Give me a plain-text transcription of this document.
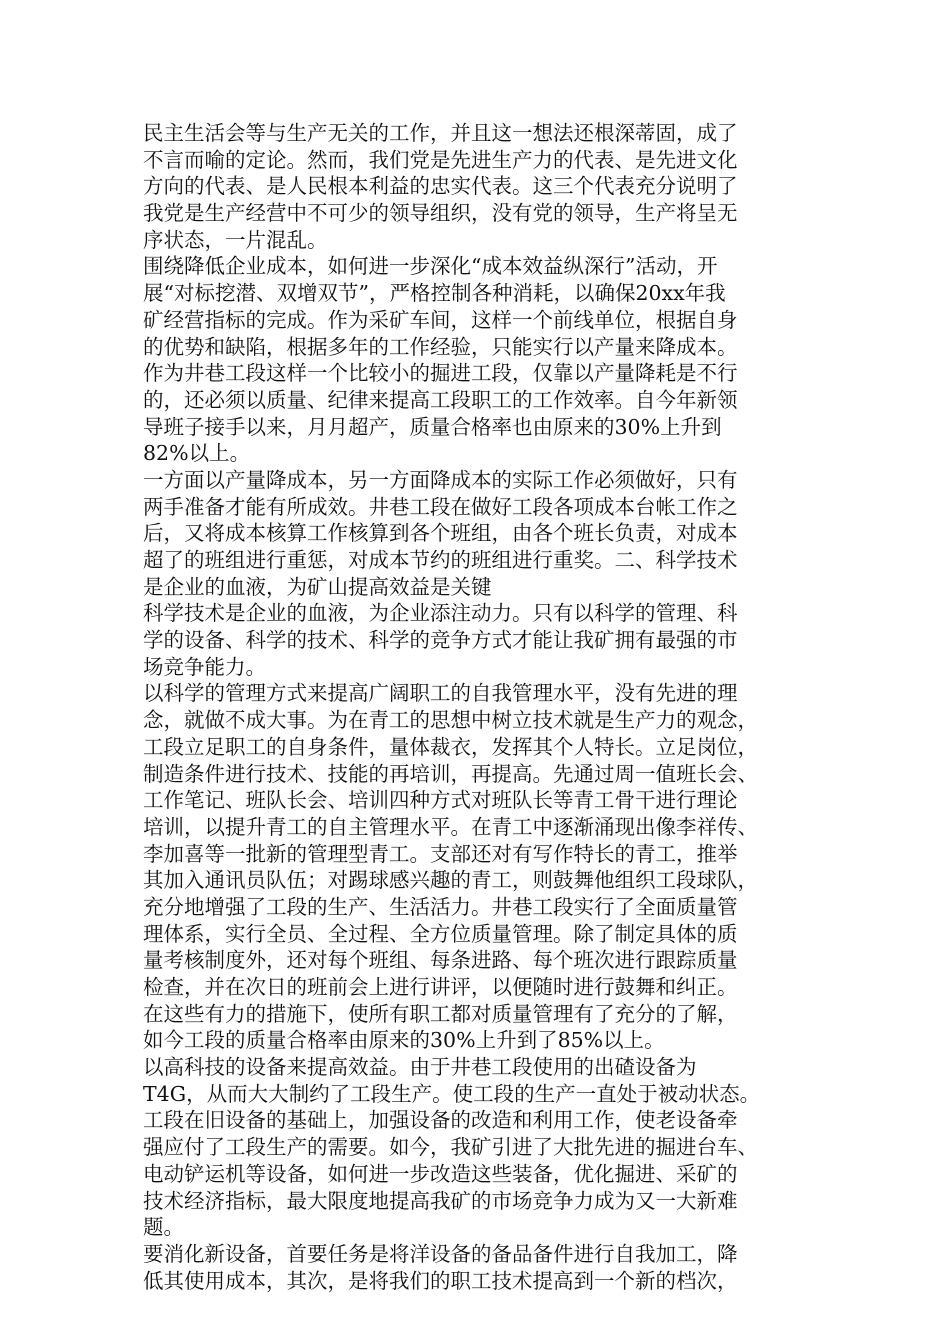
民主生活会等与生产无关的工作，并且这一想法还根深蒂固，成了
不言而喻的定论。然而，我们党是先进生产力的代表、是先进文化
方向的代表、是人民根本利益的忠实代表。这三个代表充分说明了
我党是生产经营中不可少的领导组织，没有党的领导，生产将呈无
序状态，一片混乱。
围绕降低企业成本，如何进一步深化“成本效益纵深行”活动，开
展“对标挖潜、双增双节”，严格控制各种消耗，以确保20xx年我
矿经营指标的完成。作为采矿车间，这样一个前线单位，根据自身
的优势和缺陷，根据多年的工作经验，只能实行以产量来降成本。
作为井巷工段这样一个比较小的掘进工段，仅靠以产量降耗是不行
的，还必须以质量、纪律来提高工段职工的工作效率。自今年新领
导班子接手以来，月月超产，质量合格率也由原来的30%上升到
82%以上。
一方面以产量降成本，另一方面降成本的实际工作必须做好，只有
两手准备才能有所成效。井巷工段在做好工段各项成本台帐工作之
后，又将成本核算工作核算到各个班组，由各个班长负责，对成本
超了的班组进行重惩，对成本节约的班组进行重奖。二、科学技术
是企业的血液，为矿山提高效益是关键
科学技术是企业的血液，为企业添注动力。只有以科学的管理、科
学的设备、科学的技术、科学的竞争方式才能让我矿拥有最强的市
场竞争能力。
以科学的管理方式来提高广阔职工的自我管理水平，没有先进的理
念，就做不成大事。为在青工的思想中树立技术就是生产力的观念，
工段立足职工的自身条件，量体裁衣，发挥其个人特长。立足岗位，
制造条件进行技术、技能的再培训，再提高。先通过周一值班长会、
工作笔记、班队长会、培训四种方式对班队长等青工骨干进行理论
培训，以提升青工的自主管理水平。在青工中逐渐涌现出像李祥传、
李加喜等一批新的管理型青工。支部还对有写作特长的青工，推举
其加入通讯员队伍；对踢球感兴趣的青工，则鼓舞他组织工段球队，
充分地增强了工段的生产、生活活力。井巷工段实行了全面质量管
理体系，实行全员、全过程、全方位质量管理。除了制定具体的质
量考核制度外，还对每个班组、每条进路、每个班次进行跟踪质量
检查，并在次日的班前会上进行讲评，以便随时进行鼓舞和纠正。
在这些有力的措施下，使所有职工都对质量管理有了充分的了解，
如今工段的质量合格率由原来的30%上升到了85%以上。
以高科技的设备来提高效益。由于井巷工段使用的出碴设备为
T4G，从而大大制约了工段生产。使工段的生产一直处于被动状态。
工段在旧设备的基础上，加强设备的改造和利用工作，使老设备牵
强应付了工段生产的需要。如今，我矿引进了大批先进的掘进台车、
电动铲运机等设备，如何进一步改造这些装备，优化掘进、采矿的
技术经济指标，最大限度地提高我矿的市场竞争力成为又一大新难
题。
要消化新设备，首要任务是将洋设备的备品备件进行自我加工，降
低其使用成本，其次，是将我们的职工技术提高到一个新的档次，
